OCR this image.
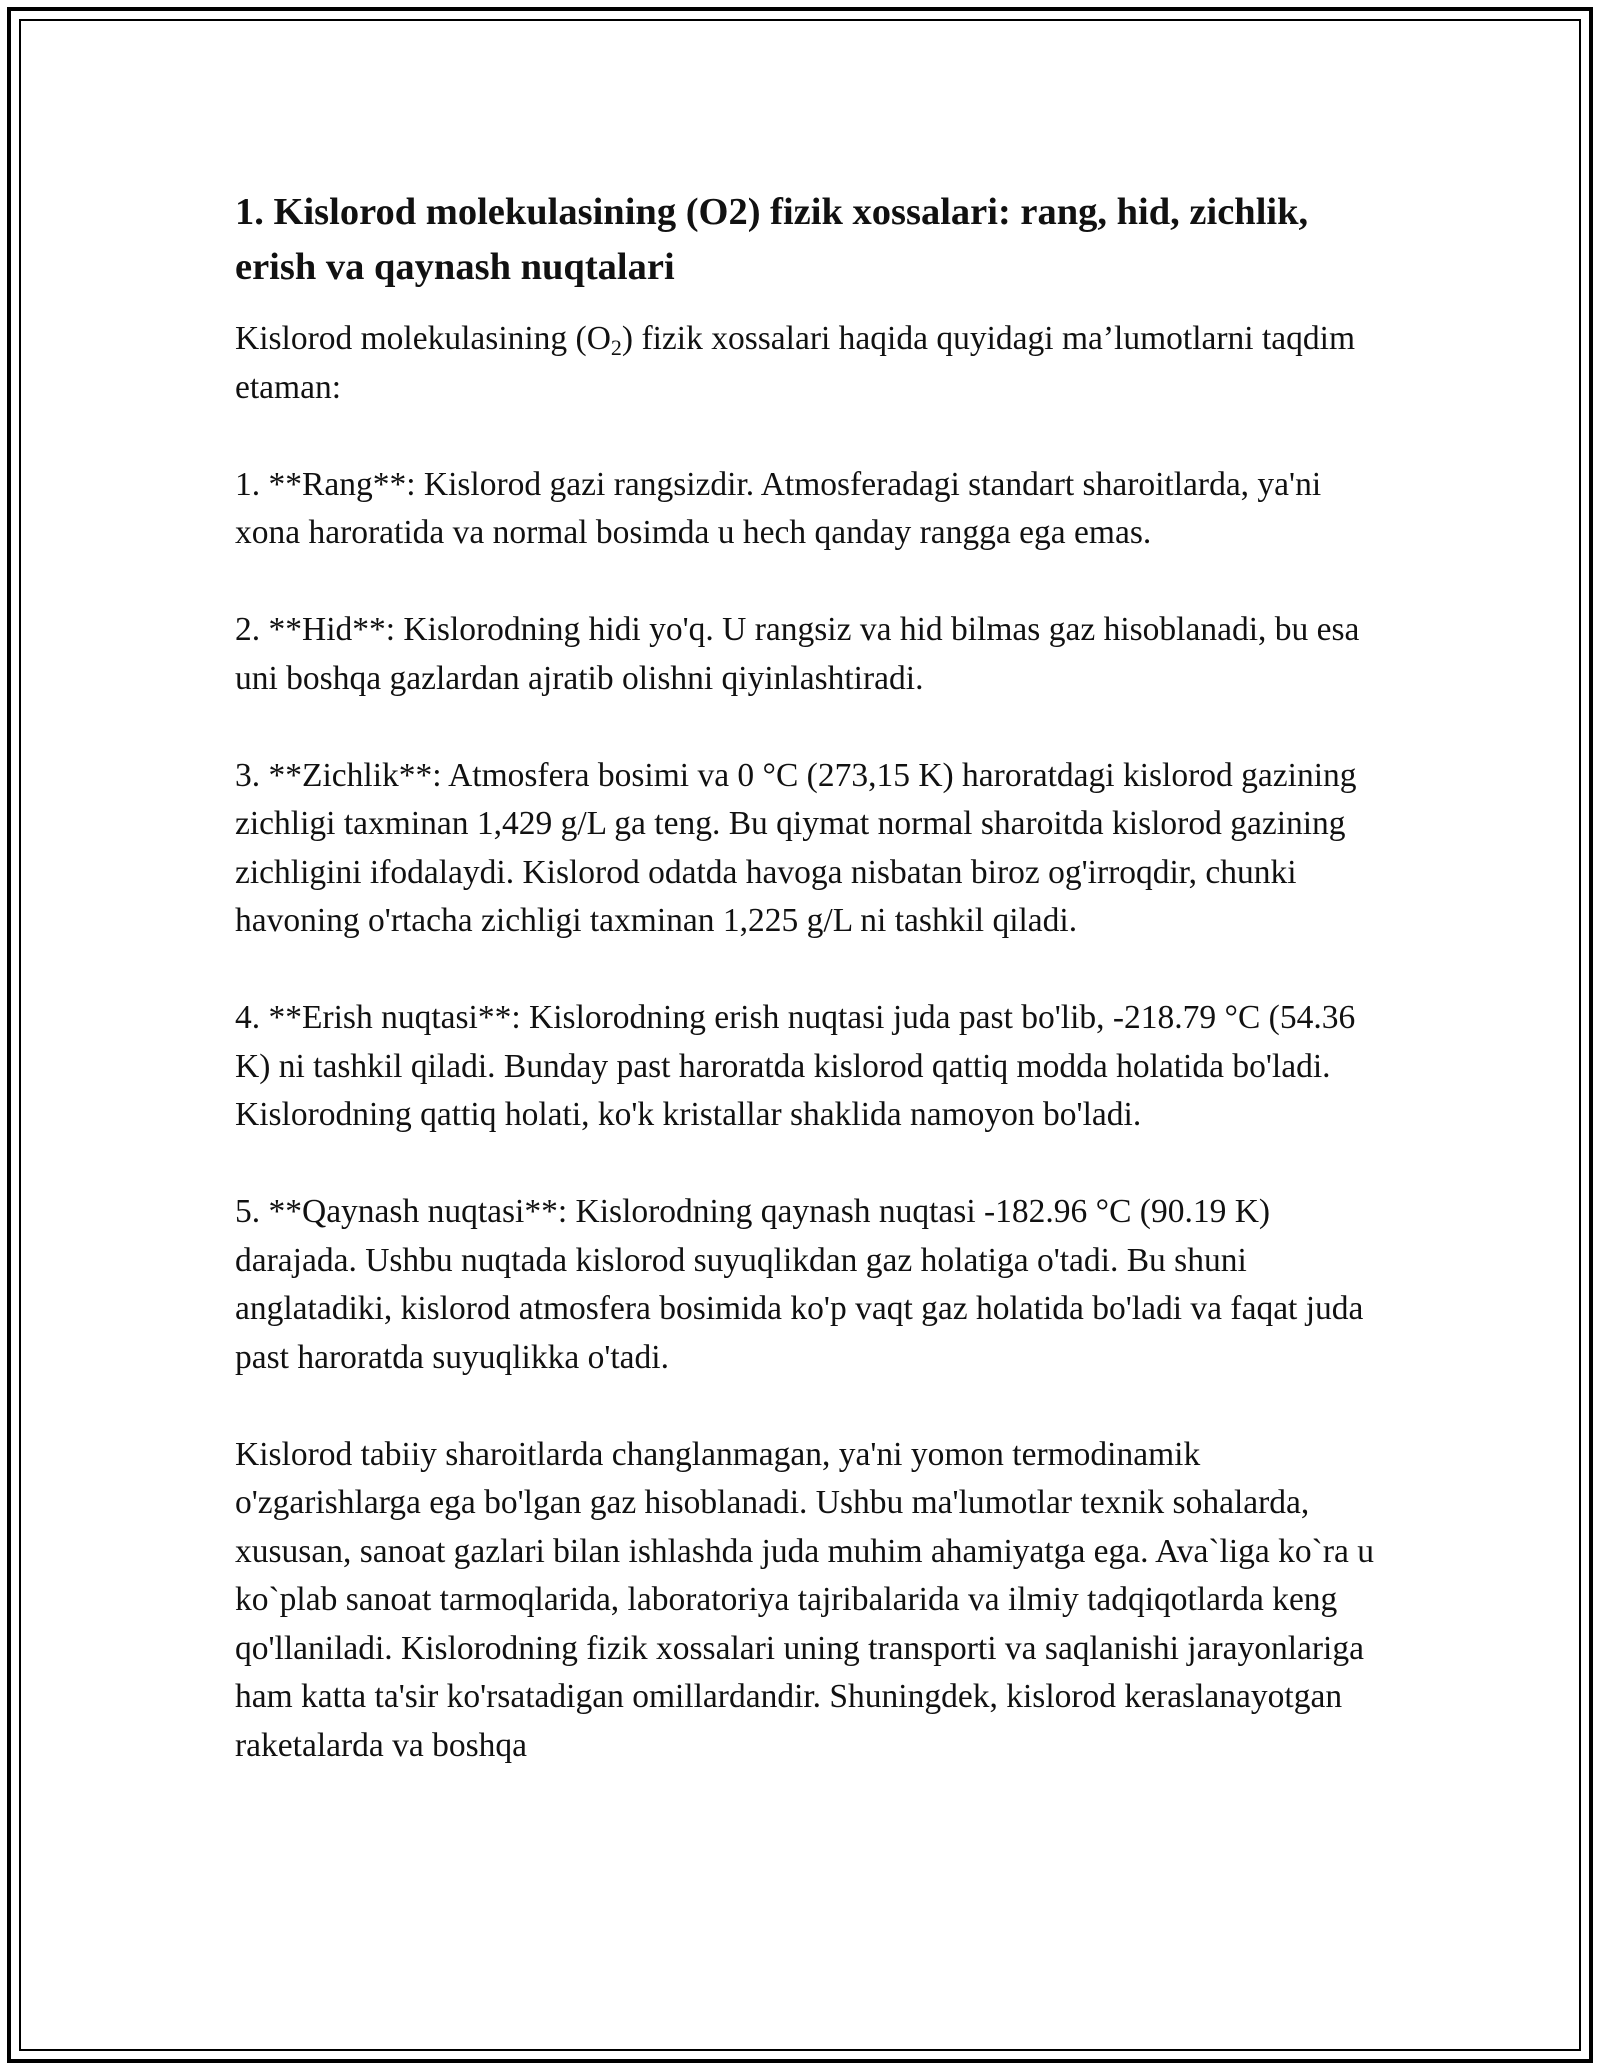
1. Kislorod molekulasining (O2) fizik xossalari: rang, hid, zichlik, erish va qaynash nuqtalari

Kislorod molekulasining $(O_2)$ fizik xossalari haqida quyidagi ma’lumotlarni taqdim etaman:

1. **Rang**: Kislorod gazi rangsizdir. Atmosferadagi standart sharoitlarda, ya'ni xona haroratida va normal bosimda u hech qanday rangga ega emas.

2. **Hid**: Kislorodning hidi yo'q. U rangsiz va hid bilmas gaz hisoblanadi, bu esa uni boshqa gazlardan ajratib olishni qiyinlashtiradi.

3. **Zichlik**: Atmosfera bosimi va 0 °C (273,15 K) haroratdagi kislorod gazining zichligi taxminan 1,429 g/L ga teng. Bu qiymat normal sharoitda kislorod gazining zichligini ifodalaydi. Kislorod odatda havoga nisbatan biroz og'irroqdir, chunki havoning o'rtacha zichligi taxminan 1,225 g/L ni tashkil qiladi.

4. **Erish nuqtasi**: Kislorodning erish nuqtasi juda past bo'lib, -218.79 °C (54.36 K) ni tashkil qiladi. Bunday past haroratda kislorod qattiq modda holatida bo'ladi. Kislorodning qattiq holati, ko'k kristallar shaklida namoyon bo'ladi.

5. **Qaynash nuqtasi**: Kislorodning qaynash nuqtasi -182.96 °C (90.19 K) darajada. Ushbu nuqtada kislorod suyuqlikdan gaz holatiga o'tadi. Bu shuni anglatadiki, kislorod atmosfera bosimida ko'p vaqt gaz holatida bo'ladi va faqat juda past haroratda suyuqlikka o'tadi.

Kislorod tabiiy sharoitlarda changlanmagan, ya'ni yomon termodinamik o'zgarishlarga ega bo'lgan gaz hisoblanadi. Ushbu ma'lumotlar texnik sohalarda, xususan, sanoat gazlari bilan ishlashda juda muhim ahamiyatga ega. Ava`liga ko`ra u ko`plab sanoat tarmoqlarida, laboratoriya tajribalarida va ilmiy tadqiqotlarda keng qo'llaniladi. Kislorodning fizik xossalari uning transporti va saqlanishi jarayonlariga ham katta ta'sir ko'rsatadigan omillardandir. Shuningdek, kislorod keraslanayotgan raketalarda va boshqa
